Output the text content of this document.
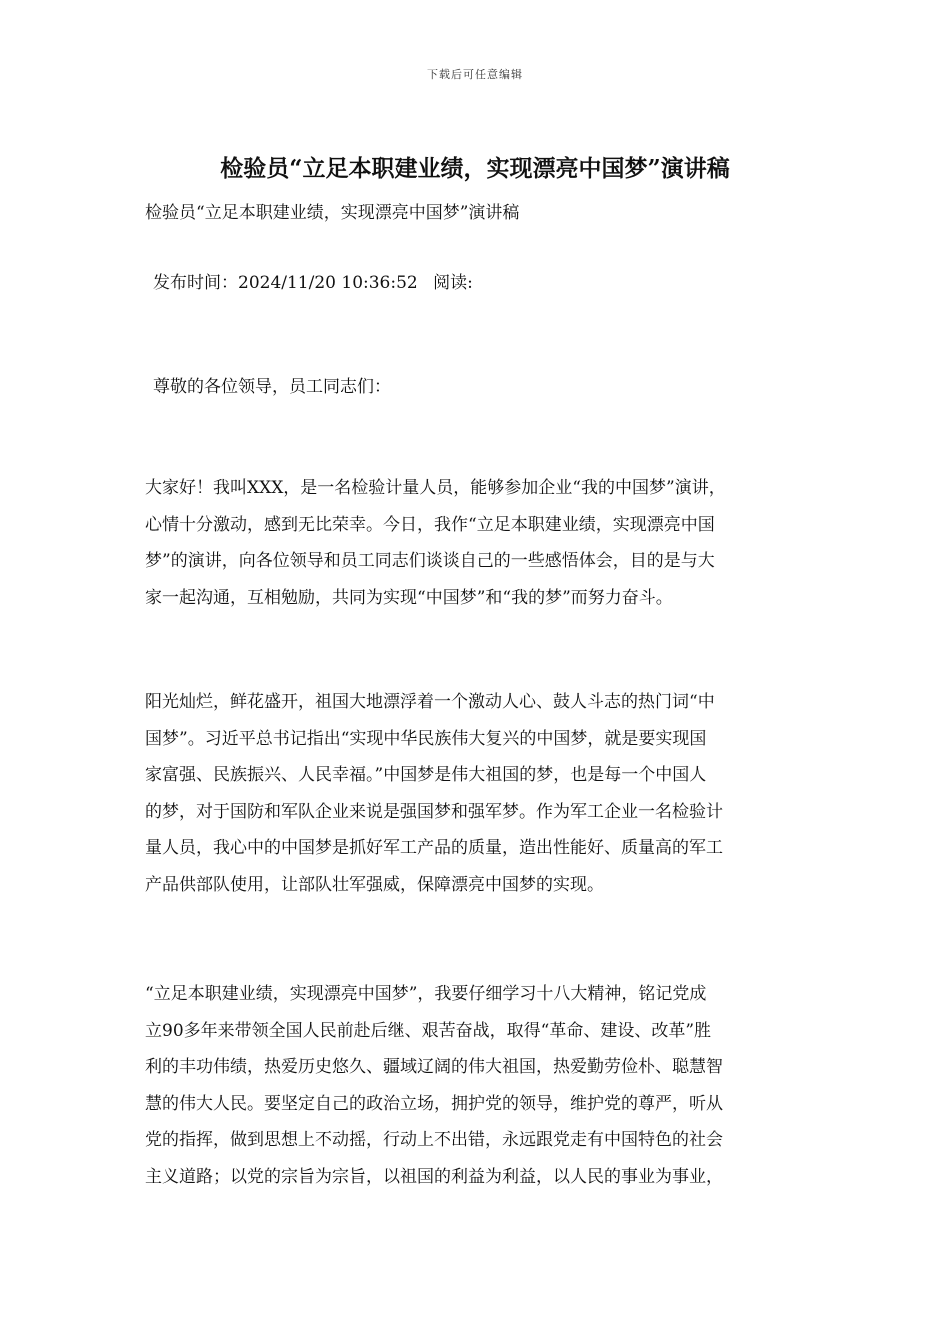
下载后可任意编辑
检验员“立足本职建业绩，实现漂亮中国梦”演讲稿
检验员“立足本职建业绩，实现漂亮中国梦”演讲稿
发布时间：2024/11/20 10:36:52 阅读:
尊敬的各位领导，员工同志们：
大家好！我叫XXX，是一名检验计量人员，能够参加企业“我的中国梦”演讲，
心情十分激动，感到无比荣幸。今日，我作“立足本职建业绩，实现漂亮中国
梦”的演讲，向各位领导和员工同志们谈谈自己的一些感悟体会，目的是与大
家一起沟通，互相勉励，共同为实现“中国梦”和“我的梦”而努力奋斗。
阳光灿烂，鲜花盛开，祖国大地漂浮着一个激动人心、鼓人斗志的热门词“中
国梦”。习近平总书记指出“实现中华民族伟大复兴的中国梦，就是要实现国
家富强、民族振兴、人民幸福。”中国梦是伟大祖国的梦，也是每一个中国人
的梦，对于国防和军队企业来说是强国梦和强军梦。作为军工企业一名检验计
量人员，我心中的中国梦是抓好军工产品的质量，造出性能好、质量高的军工
产品供部队使用，让部队壮军强威，保障漂亮中国梦的实现。
“立足本职建业绩，实现漂亮中国梦”，我要仔细学习十八大精神，铭记党成
立90多年来带领全国人民前赴后继、艰苦奋战，取得“革命、建设、改革”胜
利的丰功伟绩，热爱历史悠久、疆域辽阔的伟大祖国，热爱勤劳俭朴、聪慧智
慧的伟大人民。要坚定自己的政治立场，拥护党的领导，维护党的尊严，听从
党的指挥，做到思想上不动摇，行动上不出错，永远跟党走有中国特色的社会
主义道路；以党的宗旨为宗旨，以祖国的利益为利益，以人民的事业为事业，
